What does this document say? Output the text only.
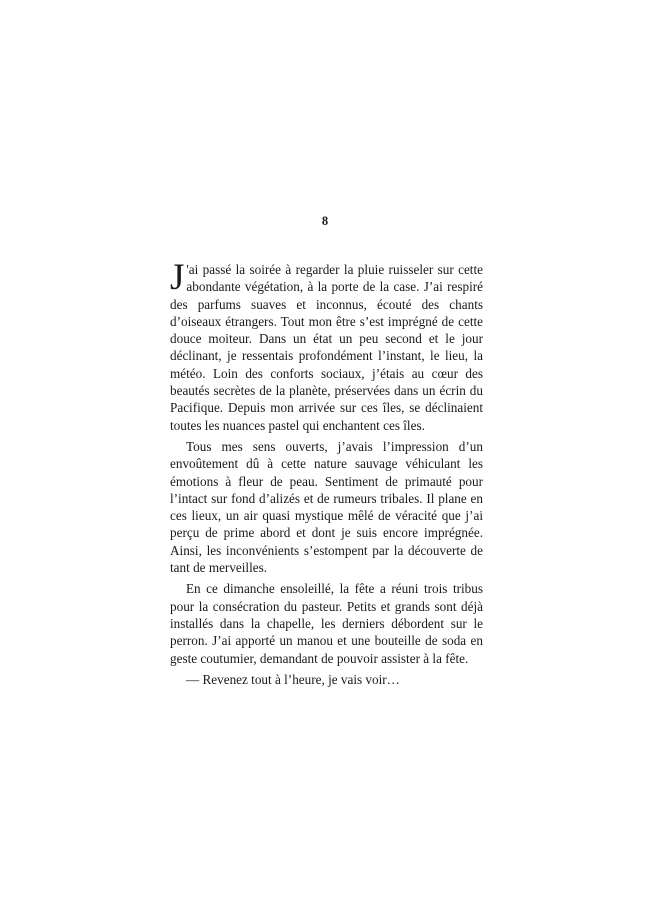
8

J 'ai passé la soirée à regarder la pluie ruisseler sur cette abondante végétation, à la porte de la case. J’ai respiré des parfums suaves et inconnus, écouté des chants d’oiseaux étrangers. Tout mon être s’est imprégné de cette douce moiteur. Dans un état un peu second et le jour déclinant, je ressentais profondément l’instant, le lieu, la météo. Loin des conforts sociaux, j’étais au cœur des beautés secrètes de la planète, préservées dans un écrin du Pacifique. Depuis mon arrivée sur ces îles, se déclinaient toutes les nuances pastel qui enchantent ces îles.

Tous mes sens ouverts, j’avais l’impression d’un envoûtement dû à cette nature sauvage véhiculant les émotions à fleur de peau. Sentiment de primauté pour l’intact sur fond d’alizés et de rumeurs tribales. Il plane en ces lieux, un air quasi mystique mêlé de véracité que j’ai perçu de prime abord et dont je suis encore imprégnée. Ainsi, les inconvénients s’estompent par la découverte de tant de merveilles.

En ce dimanche ensoleillé, la fête a réuni trois tribus pour la consécration du pasteur. Petits et grands sont déjà installés dans la chapelle, les derniers débordent sur le perron. J’ai apporté un manou et une bouteille de soda en geste coutumier, demandant de pouvoir assister à la fête.

— Revenez tout à l’heure, je vais voir…
